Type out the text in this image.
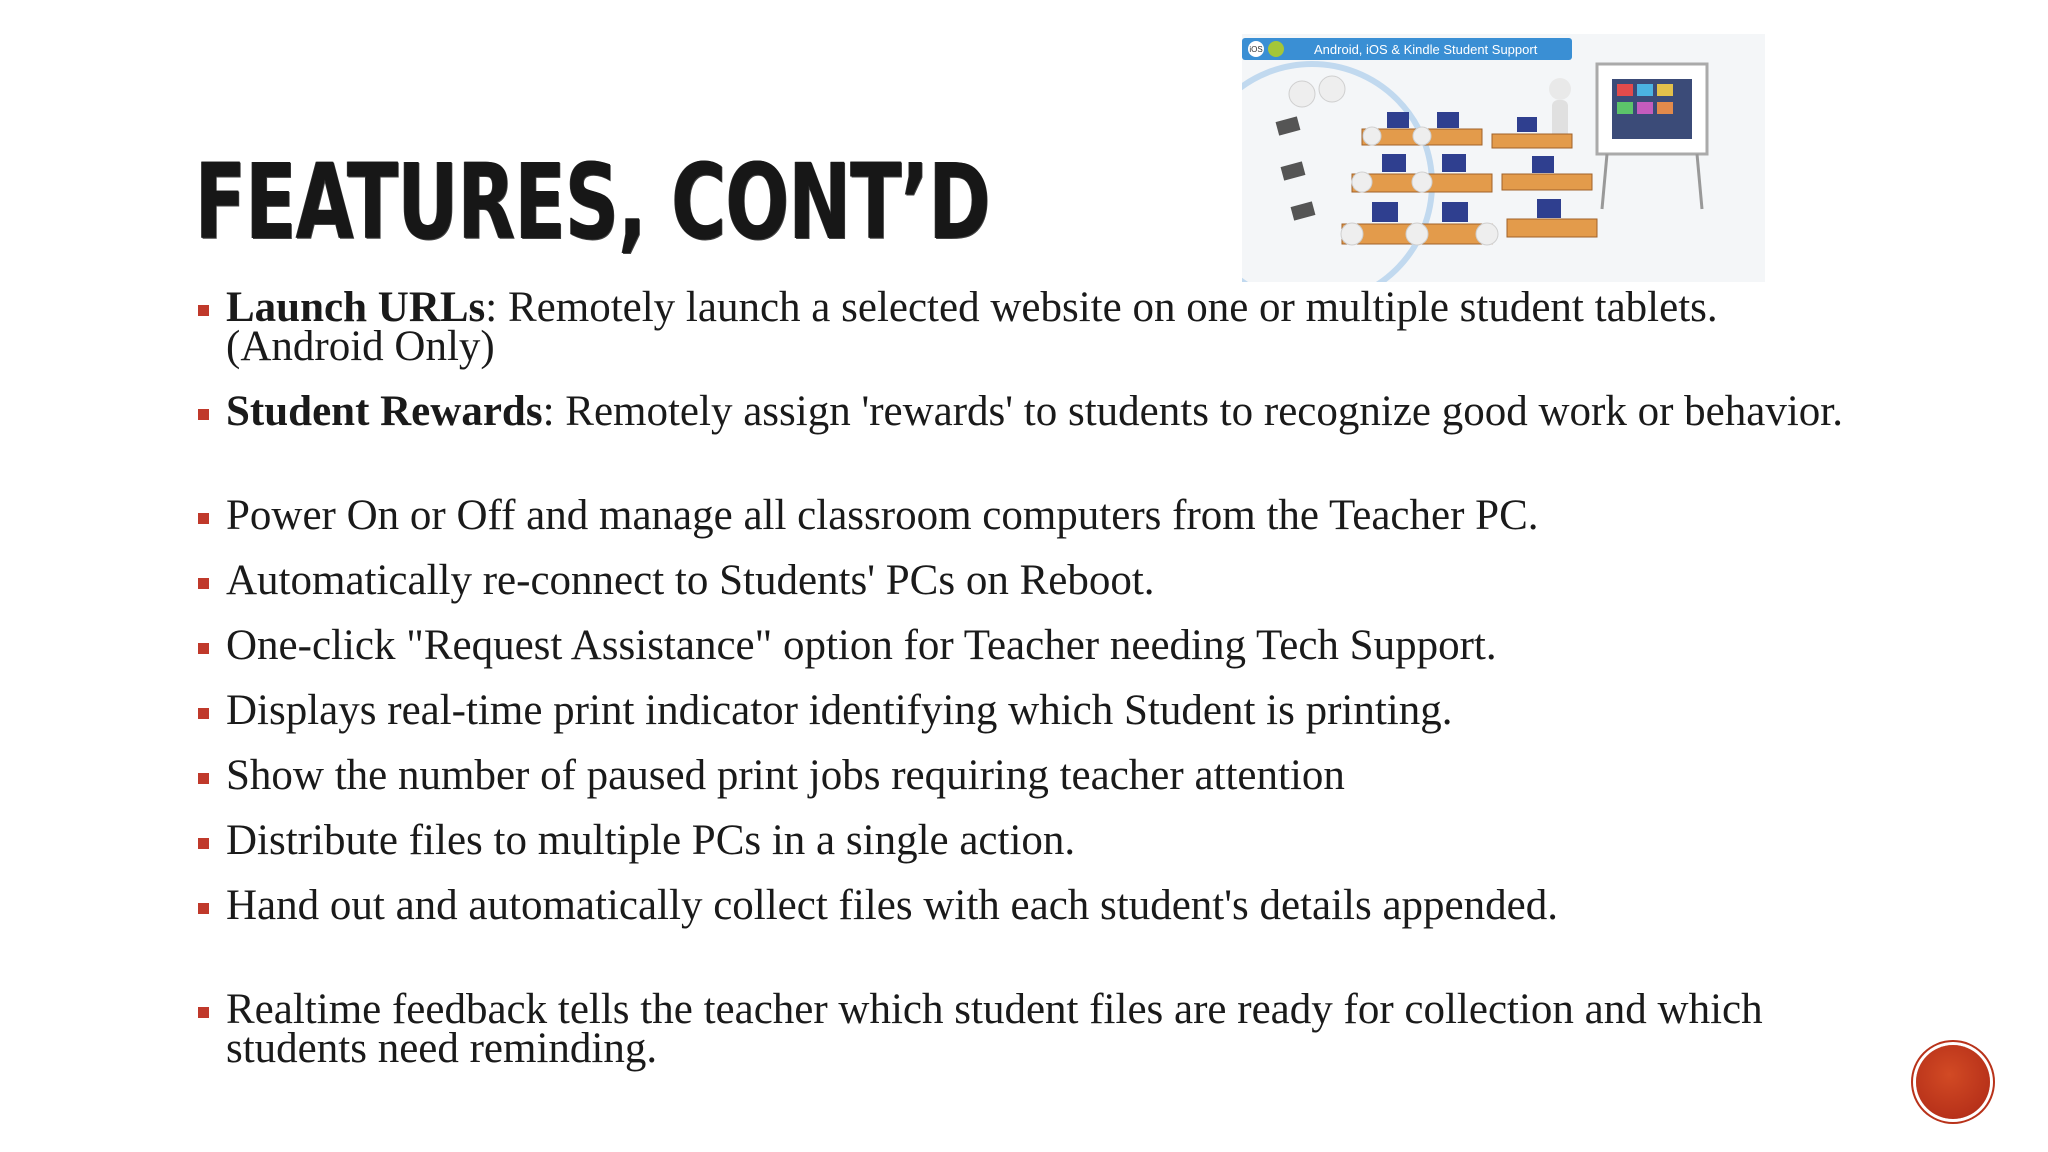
FEATURES, CONT’D
iOS	Android, iOS & Kindle Student Support
Launch URLs: Remotely launch a selected website on one or multiple student tablets. (Android Only)
Student Rewards: Remotely assign 'rewards' to students to recognize good work or behavior.
Power On or Off and manage all classroom computers from the Teacher PC.
Automatically re-connect to Students' PCs on Reboot.
One-click "Request Assistance" option for Teacher needing Tech Support.
Displays real-time print indicator identifying which Student is printing.
Show the number of paused print jobs requiring teacher attention
Distribute files to multiple PCs in a single action.
Hand out and automatically collect files with each student's details appended.
Realtime feedback tells the teacher which student files are ready for collection and which students need reminding.
